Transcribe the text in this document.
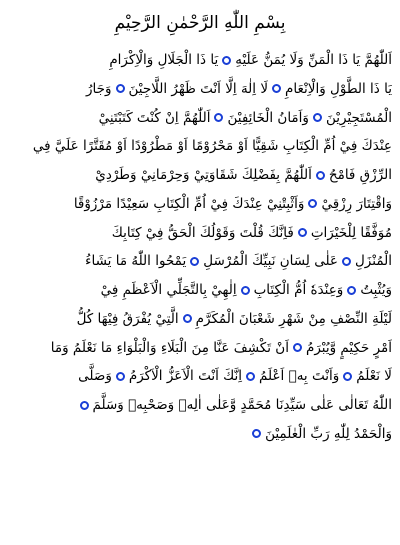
بِسْمِ اللّٰهِ الرَّحْمٰنِ الرَّحِيْمِ
اَللّٰهُمَّ يَا ذَا الْمَنِّ وَلَا يُمَنُّ عَلَيْهِ
يَا ذَا الْجَلَالِ وَالْاِكْرَامِ
يَا ذَا الطَّوْلِ وَالْاِنْعَامِ
لَا اِلٰهَ اِلَّا اَنْتَ ظَهْرُ اللَّاجِيْنَ
وَجَارُ
الْمُسْتَجِيْرِيْنَ
وَاَمَانُ الْخَائِفِيْنَ
اَللّٰهُمَّ اِنْ كُنْتَ كَتَبْتَنِيْ
عِنْدَكَ فِيْ اُمِّ الْكِتَابِ شَقِيًّا اَوْ مَحْرُوْمًا اَوْ مَطْرُوْدًا اَوْ مُقَتَّرًا عَلَيَّ فِي
الرِّزْقِ فَامْحُ
اَللّٰهُمَّ بِفَضْلِكَ شَقَاوَتِيْ وَحِرْمَانِيْ وَطَرْدِيْ
وَاقْتِتَارَ رِزْقِيْ
وَاَثْبِتْنِيْ عِنْدَكَ فِيْ اُمِّ الْكِتَابِ سَعِيْدًا مَرْزُوْقًا
مُوَفَّقًا لِلْخَيْرَاتِ
فَاِنَّكَ قُلْتَ وَقَوْلُكَ الْحَقُّ فِيْ كِتَابِكَ
الْمُنْزَلِ
عَلٰى لِسَانِ نَبِيِّكَ الْمُرْسَلِ
يَمْحُوا اللّٰهُ مَا يَشَاءُ
وَيُثْبِتُ
وَعِنْدَهٗ اُمُّ الْكِتَابِ
اِلٰهِيْ بِالتَّجَلِّي الْاَعْظَمِ فِيْ
لَيْلَةِ النِّصْفِ مِنْ شَهْرِ شَعْبَانَ الْمُكَرَّمِ
الَّتِيْ يُفْرَقُ فِيْهَا كُلُّ
اَمْرٍ حَكِيْمٍ وَّيُبْرَمُ
اَنْ تَكْشِفَ عَنَّا مِنَ الْبَلَاءِ وَالْبَلْوَاءِ مَا نَعْلَمُ وَمَا
لَا نَعْلَمُ
وَاَنْتَ بِهٖ اَعْلَمُ
اِنَّكَ اَنْتَ الْاَعَزُّ الْاَكْرَمُ
وَصَلَّى
اللّٰهُ تَعَالٰى عَلٰى سَيِّدِنَا مُحَمَّدٍ وَّعَلٰى اٰلِهٖ وَصَحْبِهٖ وَسَلَّمَ
وَالْحَمْدُ لِلّٰهِ رَبِّ الْعٰلَمِيْنَ
